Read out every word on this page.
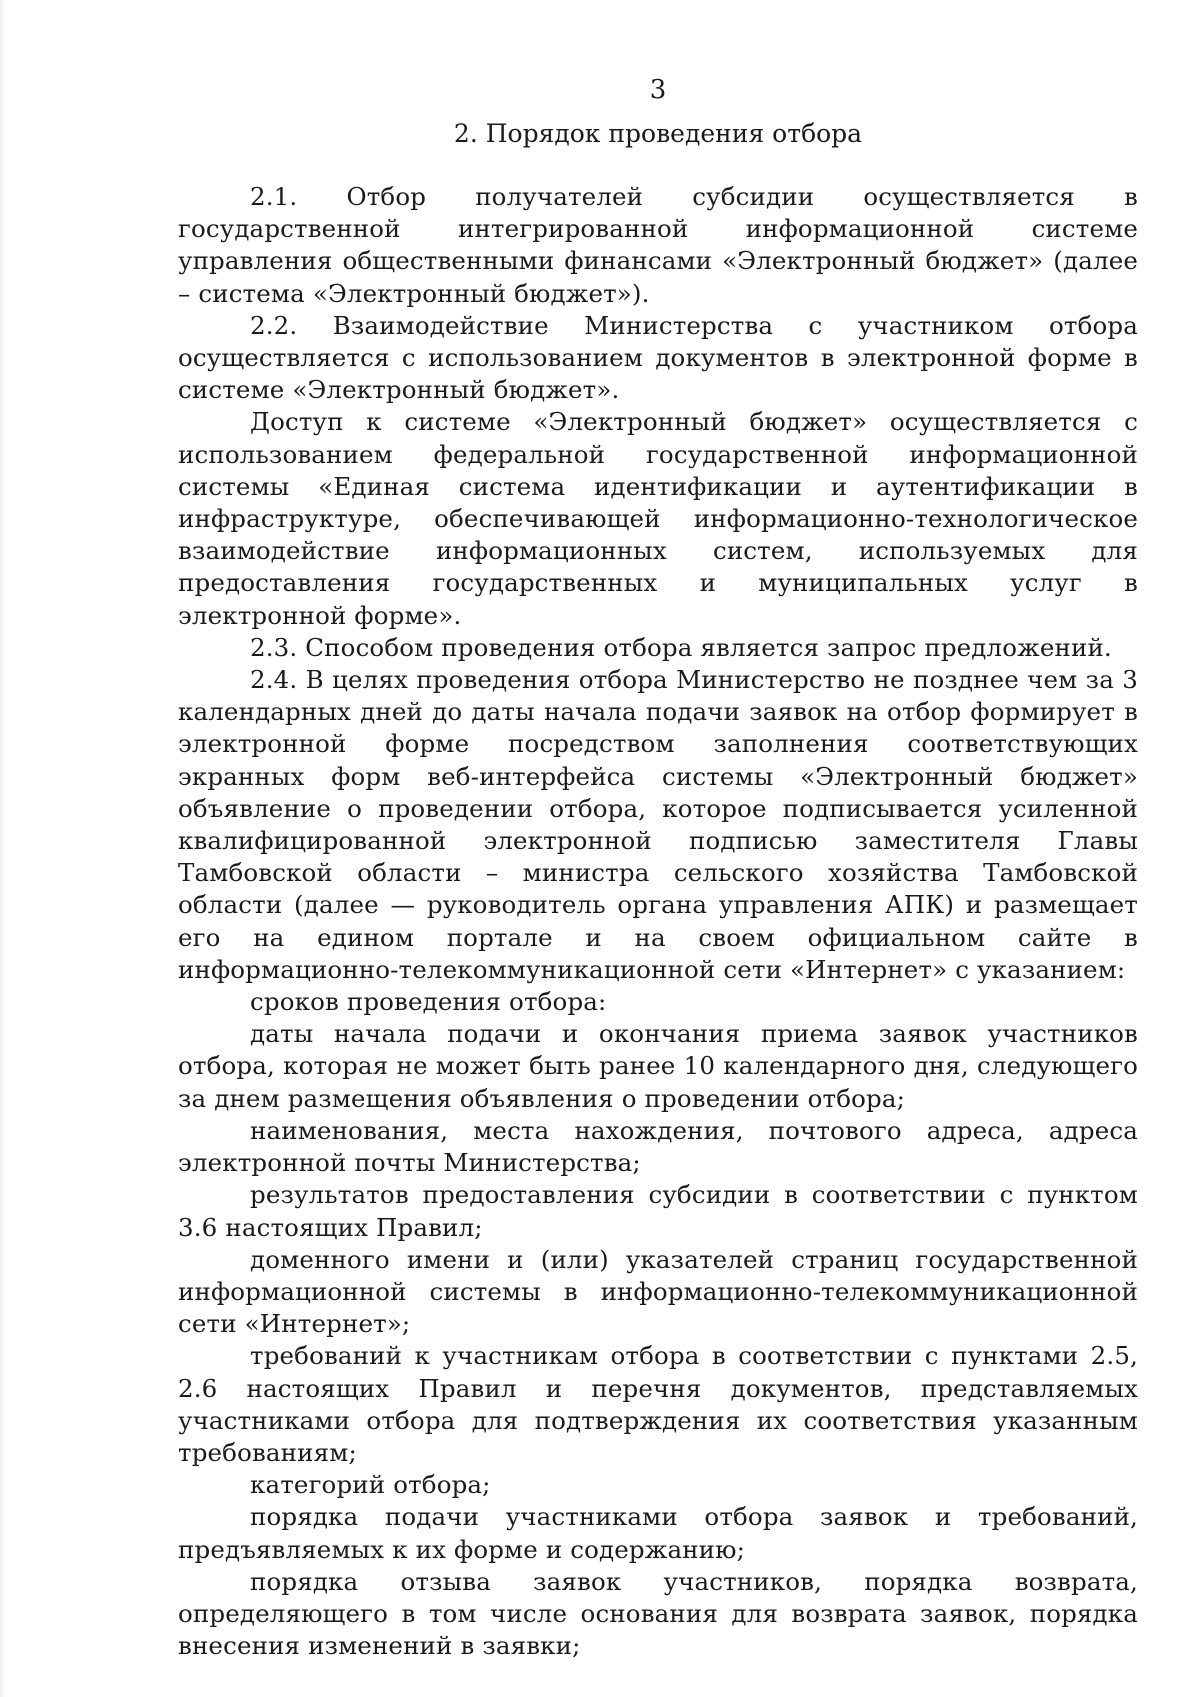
3
2. Порядок проведения отбора

2.1. Отбор получателей субсидии осуществляется в государственной интегрированной информационной системе управления общественными финансами «Электронный бюджет» (далее – система «Электронный бюджет»).

2.2. Взаимодействие Министерства с участником отбора осуществляется с использованием документов в электронной форме в системе «Электронный бюджет».

Доступ к системе «Электронный бюджет» осуществляется с использованием федеральной государственной информационной системы «Единая система идентификации и аутентификации в инфраструктуре, обеспечивающей информационно-технологическое взаимодействие информационных систем, используемых для предоставления государственных и муниципальных услуг в электронной форме».

2.3. Способом проведения отбора является запрос предложений.

2.4. В целях проведения отбора Министерство не позднее чем за 3 календарных дней до даты начала подачи заявок на отбор формирует в электронной форме посредством заполнения соответствующих экранных форм веб-интерфейса системы «Электронный бюджет» объявление о проведении отбора, которое подписывается усиленной квалифицированной электронной подписью заместителя Главы Тамбовской области – министра сельского хозяйства Тамбовской области (далее — руководитель органа управления АПК) и размещает его на едином портале и на своем официальном сайте в информационно-телекоммуникационной сети «Интернет» с указанием:

сроков проведения отбора:

даты начала подачи и окончания приема заявок участников отбора, которая не может быть ранее 10 календарного дня, следующего за днем размещения объявления о проведении отбора;

наименования, места нахождения, почтового адреса, адреса электронной почты Министерства;

результатов предоставления субсидии в соответствии с пунктом 3.6 настоящих Правил;

доменного имени и (или) указателей страниц государственной информационной системы в информационно-телекоммуникационной сети «Интернет»;

требований к участникам отбора в соответствии с пунктами 2.5, 2.6 настоящих Правил и перечня документов, представляемых участниками отбора для подтверждения их соответствия указанным требованиям;

категорий отбора;

порядка подачи участниками отбора заявок и требований, предъявляемых к их форме и содержанию;

порядка отзыва заявок участников, порядка возврата, определяющего в том числе основания для возврата заявок, порядка внесения изменений в заявки;
